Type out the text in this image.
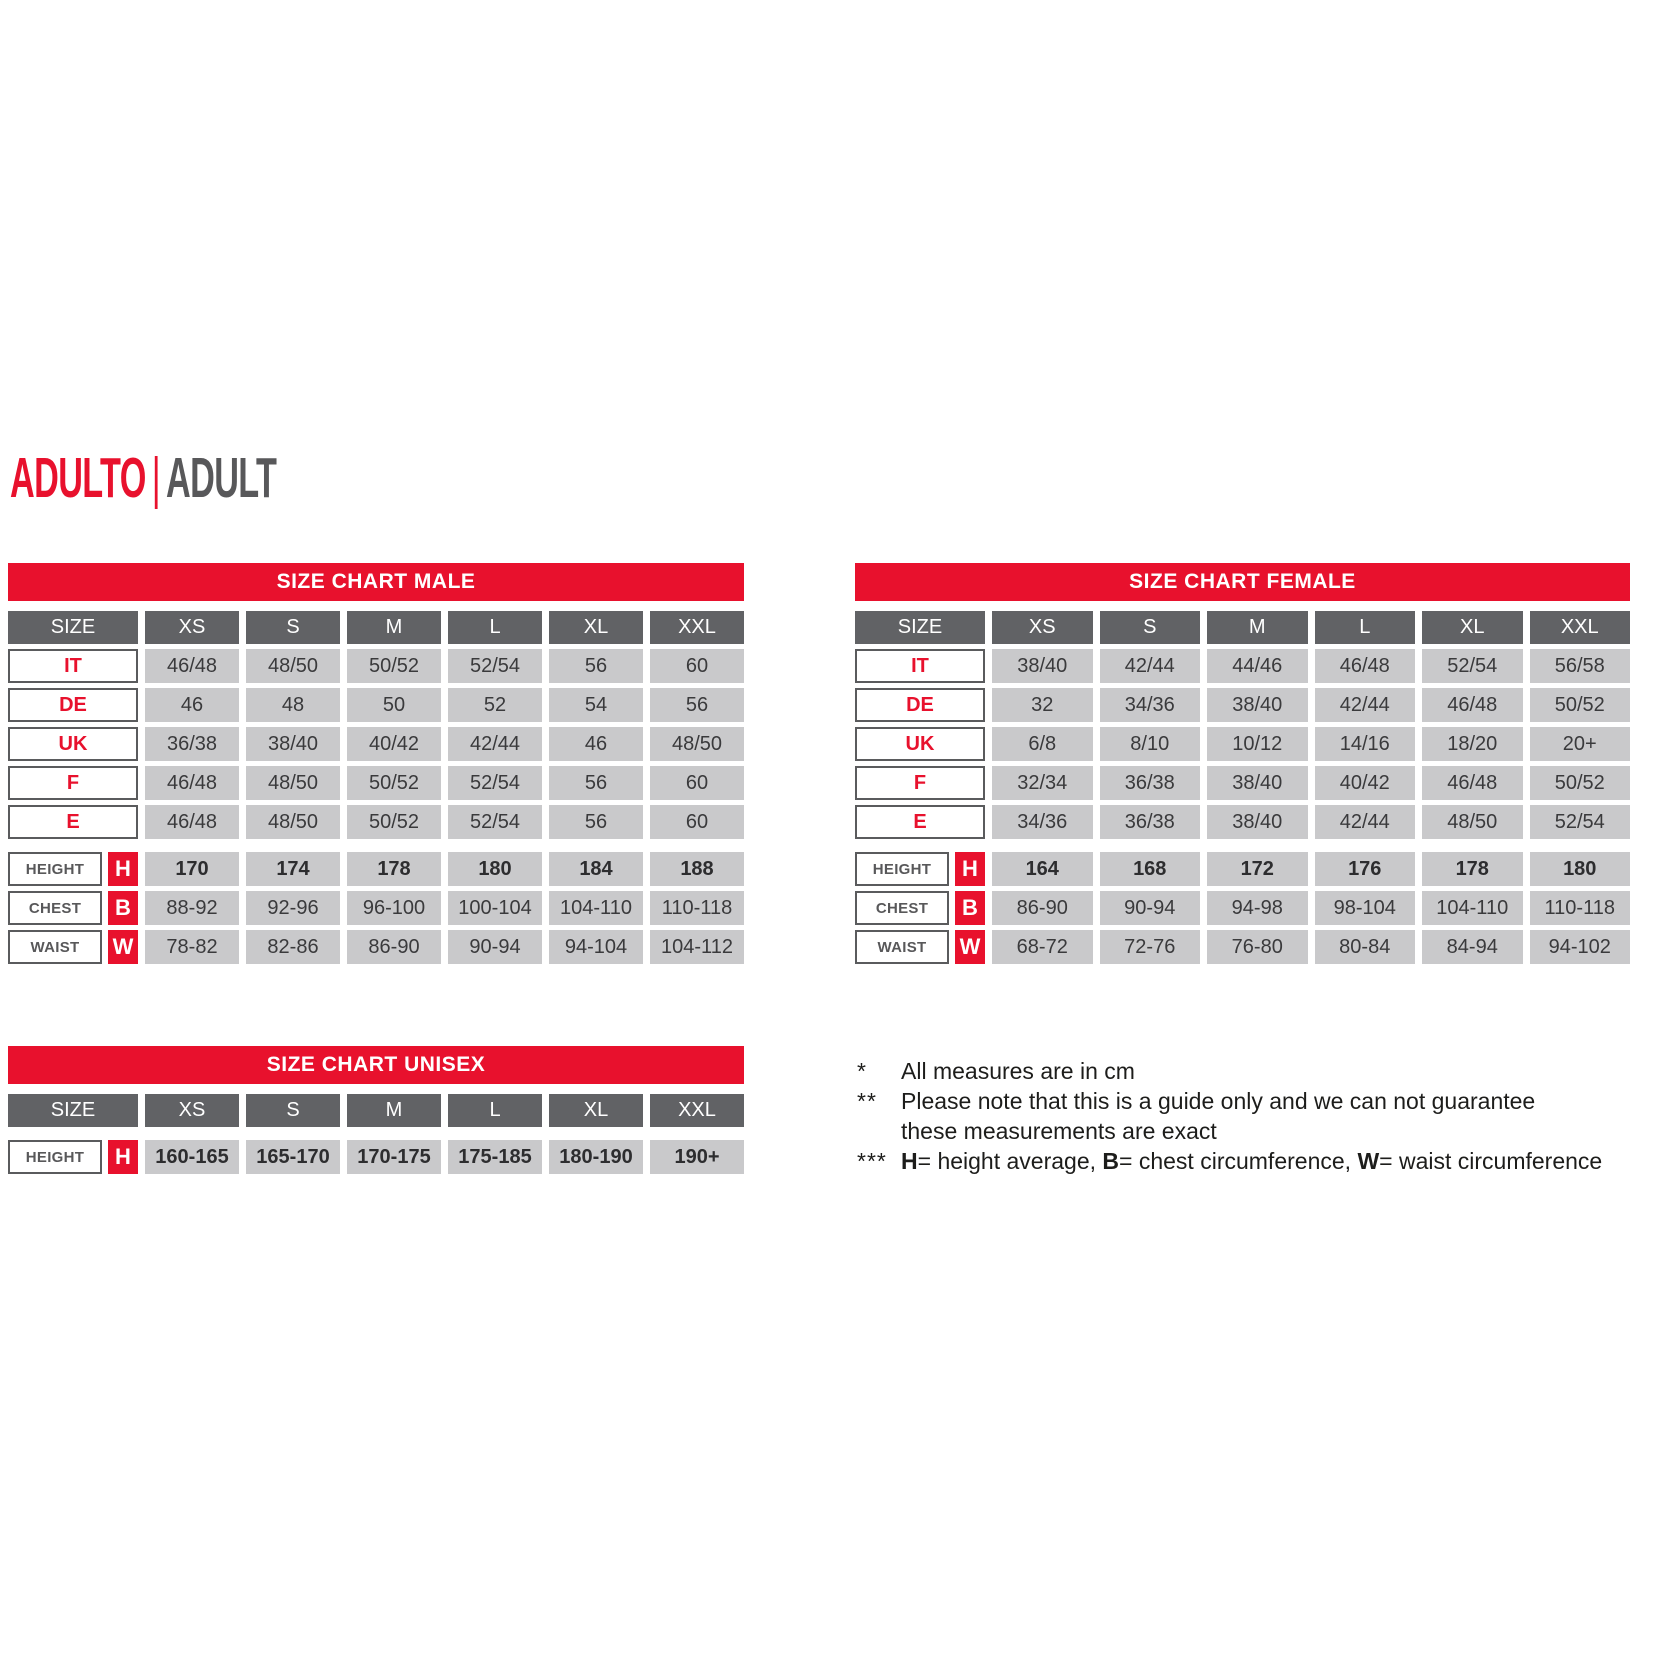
ADULTO | ADULT
SIZE CHART MALE
SIZE	XS	S	M	L	XL	XXL
IT	46/48	48/50	50/52	52/54	56	60
DE	46	48	50	52	54	56
UK	36/38	38/40	40/42	42/44	46	48/50
F	46/48	48/50	50/52	52/54	56	60
E	46/48	48/50	50/52	52/54	56	60
HEIGHT	H	170	174	178	180	184	188
CHEST	B	88-92	92-96	96-100	100-104	104-110	110-118
WAIST	W	78-82	82-86	86-90	90-94	94-104	104-112
SIZE CHART FEMALE
SIZE	XS	S	M	L	XL	XXL
IT	38/40	42/44	44/46	46/48	52/54	56/58
DE	32	34/36	38/40	42/44	46/48	50/52
UK	6/8	8/10	10/12	14/16	18/20	20+
F	32/34	36/38	38/40	40/42	46/48	50/52
E	34/36	36/38	38/40	42/44	48/50	52/54
HEIGHT	H	164	168	172	176	178	180
CHEST	B	86-90	90-94	94-98	98-104	104-110	110-118
WAIST	W	68-72	72-76	76-80	80-84	84-94	94-102
SIZE CHART UNISEX
SIZE	XS	S	M	L	XL	XXL
HEIGHT	H	160-165	165-170	170-175	175-185	180-190	190+
*	All measures are in cm
**	Please note that this is a guide only and we can not guarantee
these measurements are exact
*** H= height average, B= chest circumference, W= waist circumference
